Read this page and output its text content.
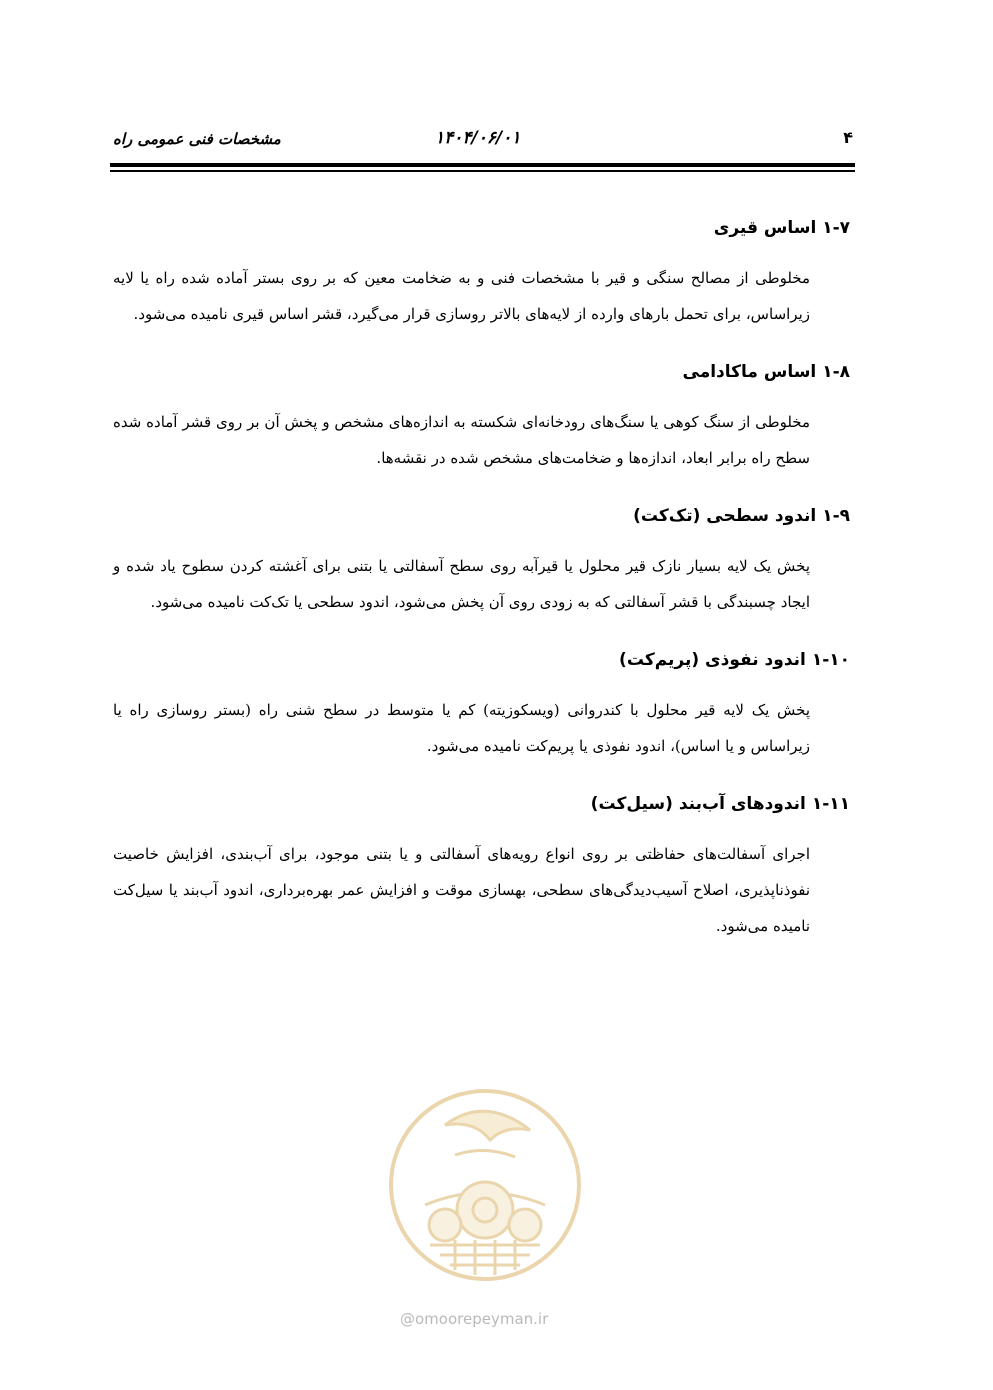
مشخصات فنی عمومی راه	۱۴۰۴/۰۶/۰۱	۴
۱-۷ اساس قیری

مخلوطی از مصالح سنگی و قیر با مشخصات فنی و به ضخامت معین که بر روی بستر آماده شده راه یا لایه زیراساس، برای تحمل بارهای وارده از لایه‌های بالاتر روسازی قرار می‌گیرد، قشر اساس قیری نامیده می‌شود.

۱-۸ اساس ماکادامی

مخلوطی از سنگ کوهی یا سنگ‌های رودخانه‌ای شکسته به اندازه‌های مشخص و پخش آن بر روی قشر آماده شده سطح راه برابر ابعاد، اندازه‌ها و ضخامت‌های مشخص شده در نقشه‌ها.

۱-۹ اندود سطحی (تک‌کت)

پخش یک لایه بسیار نازک قیر محلول یا قیرآبه روی سطح آسفالتی یا بتنی برای آغشته کردن سطوح یاد شده و ایجاد چسبندگی با قشر آسفالتی که به زودی روی آن پخش می‌شود، اندود سطحی یا تک‌کت نامیده می‌شود.

۱-۱۰ اندود نفوذی (پریم‌کت)

پخش یک لایه قیر محلول با کندروانی (ویسکوزیته) کم یا متوسط در سطح شنی راه (بستر روسازی راه یا زیراساس و یا اساس)، اندود نفوذی یا پریم‌کت نامیده می‌شود.

۱-۱۱ اندودهای آب‌بند (سیل‌کت)

اجرای آسفالت‌های حفاظتی بر روی انواع رویه‌های آسفالتی و یا بتنی موجود، برای آب‌بندی، افزایش خاصیت نفوذناپذیری، اصلاح آسیب‌دیدگی‌های سطحی، بهسازی موقت و افزایش عمر بهره‌برداری، اندود آب‌بند یا سیل‌کت نامیده می‌شود.

@omoorepeyman.ir
